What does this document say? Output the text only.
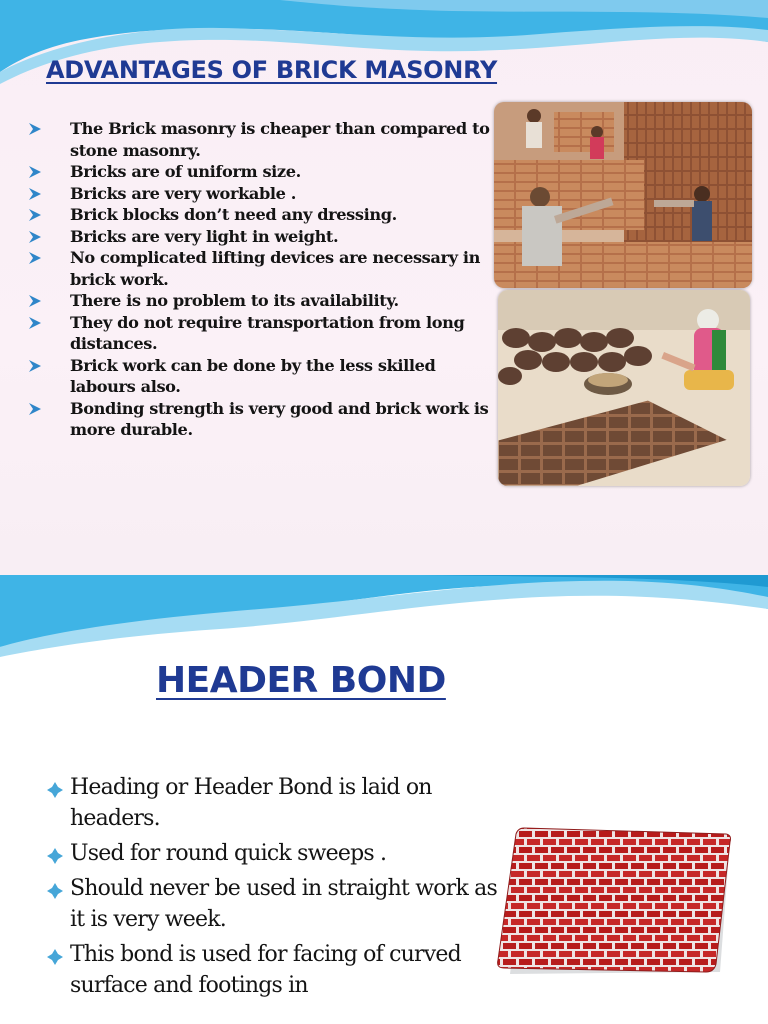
ADVANTAGES OF BRICK MASONRY
The Brick masonry is cheaper than compared to stone masonry.
Bricks are of uniform size.
Bricks are very workable .
Brick blocks don’t need any dressing.
Bricks are very light in weight.
No complicated lifting devices are necessary in brick work.
There is no problem to its availability.
They do not require transportation from long distances.
Brick work can be done by the less skilled labours also.
Bonding strength is very good and brick work is more durable.
HEADER BOND
Heading or Header Bond is laid on headers.
Used for round quick sweeps .
Should never be used in straight work as it is very week.
This bond is used for facing of curved surface and footings in
